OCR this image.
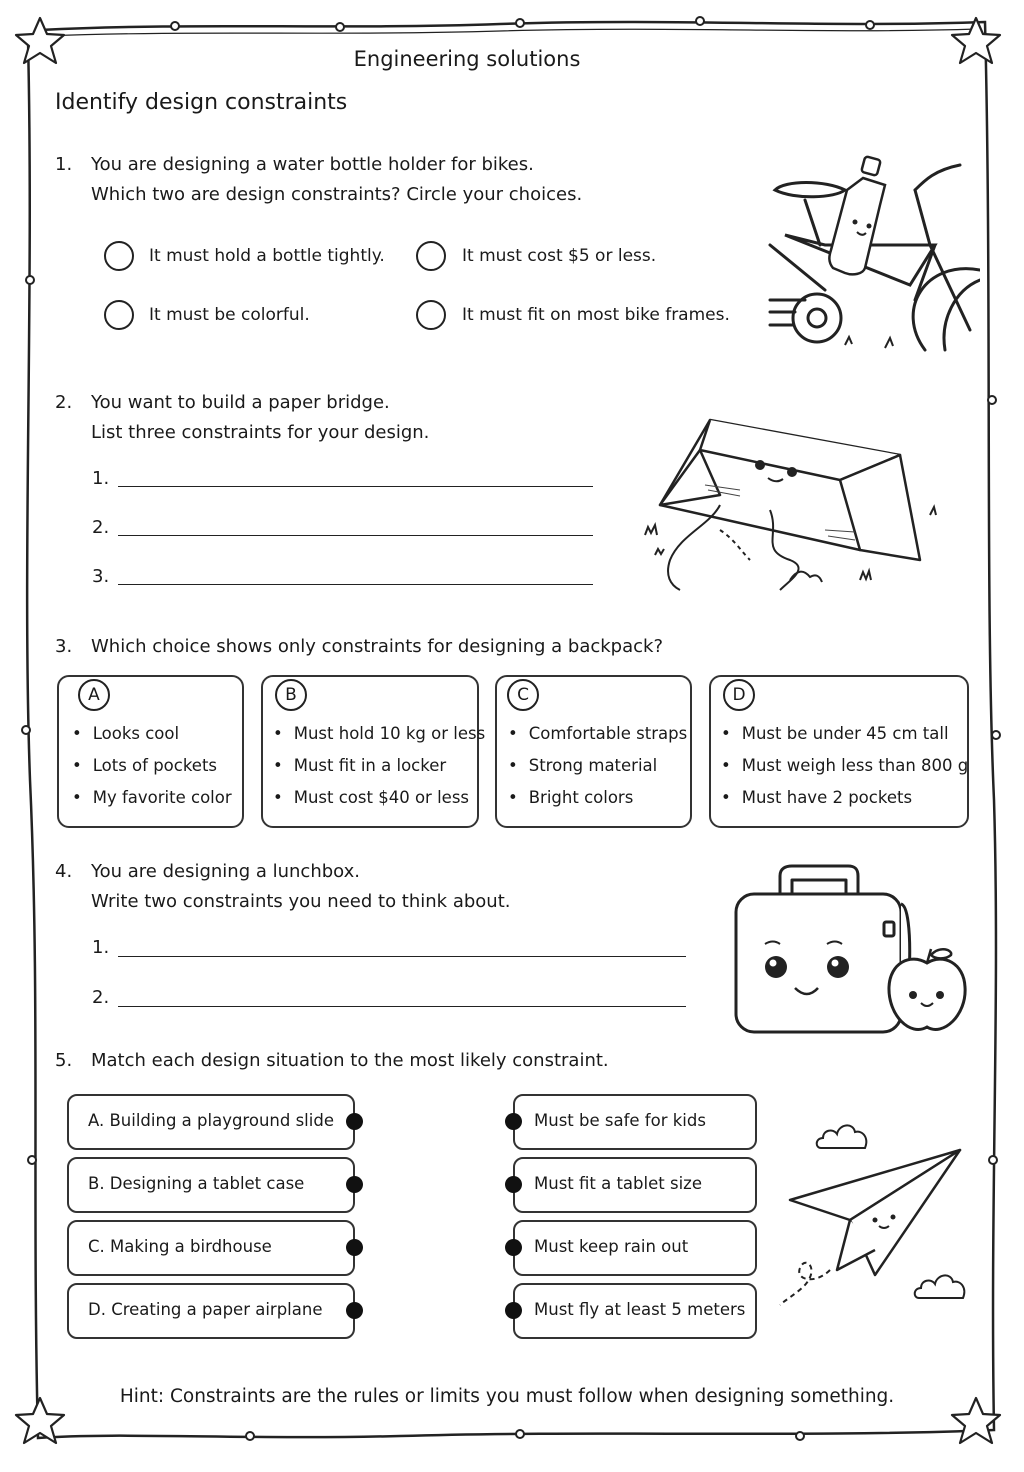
Engineering solutions
Identify design constraints
1. You are designing a water bottle holder for bikes.
Which two are design constraints? Circle your choices.
It must hold a bottle tightly.	It must cost $5 or less.
It must be colorful.	It must fit on most bike frames.
2. You want to build a paper bridge.
List three constraints for your design.
1.
2.
3.
3. Which choice shows only constraints for designing a backpack?
A
• Looks cool
• Lots of pockets
• My favorite color
B
• Must hold 10 kg or less
• Must fit in a locker
• Must cost $40 or less
C
• Comfortable straps
• Strong material
• Bright colors
D
• Must be under 45 cm tall
• Must weigh less than 800 g
• Must have 2 pockets
4. You are designing a lunchbox.
Write two constraints you need to think about.
1.
2.
5. Match each design situation to the most likely constraint.
A. Building a playground slide
B. Designing a tablet case
C. Making a birdhouse
D. Creating a paper airplane
Must be safe for kids
Must fit a tablet size
Must keep rain out
Must fly at least 5 meters
Hint: Constraints are the rules or limits you must follow when designing something.
